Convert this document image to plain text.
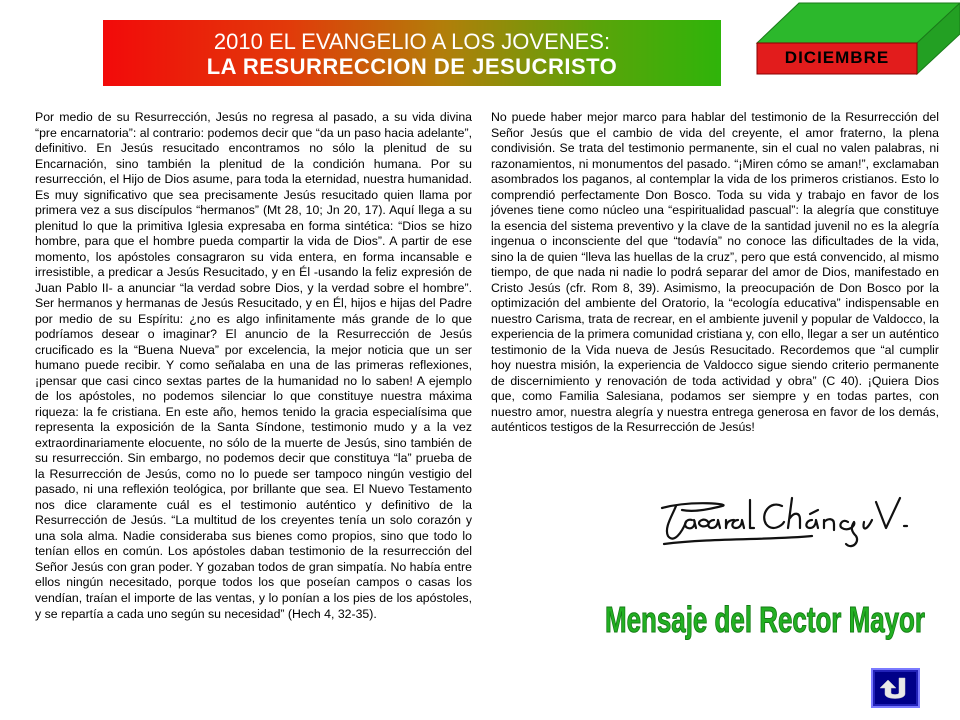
2010 EL EVANGELIO A LOS JOVENES:
LA RESURRECCION DE JESUCRISTO	DICIEMBRE
Por medio de su Resurrección, Jesús no regresa al pasado, a su vida divina “pre encarnatoria”: al contrario: podemos decir que “da un paso hacia adelante”, definitivo. En Jesús resucitado encontramos no sólo la plenitud de su Encarnación, sino también la plenitud de la condición humana. Por su resurrección, el Hijo de Dios asume, para toda la eternidad, nuestra humanidad. Es muy significativo que sea precisamente Jesús resucitado quien llama por primera vez a sus discípulos “hermanos” (Mt 28, 10; Jn 20, 17). Aquí llega a su plenitud lo que la primitiva Iglesia expresaba en forma sintética: “Dios se hizo hombre, para que el hombre pueda compartir la vida de Dios”. A partir de ese momento, los apóstoles consagraron su vida entera, en forma incansable e irresistible, a predicar a Jesús Resucitado, y en Él -usando la feliz expresión de Juan Pablo II- a anunciar “la verdad sobre Dios, y la verdad sobre el hombre”. Ser hermanos y hermanas de Jesús Resucitado, y en Él, hijos e hijas del Padre por medio de su Espíritu: ¿no es algo infinitamente más grande de lo que podríamos desear o imaginar? El anuncio de la Resurrección de Jesús crucificado es la “Buena Nueva” por excelencia, la mejor noticia que un ser humano puede recibir. Y como señalaba en una de las primeras reflexiones, ¡pensar que casi cinco sextas partes de la humanidad no lo saben! A ejemplo de los apóstoles, no podemos silenciar lo que constituye nuestra máxima riqueza: la fe cristiana. En este año, hemos tenido la gracia especialísima que representa la exposición de la Santa Síndone, testimonio mudo y a la vez extraordinariamente elocuente, no sólo de la muerte de Jesús, sino también de su resurrección. Sin embargo, no podemos decir que constituya “la” prueba de la Resurrección de Jesús, como no lo puede ser tampoco ningún vestigio del pasado, ni una reflexión teológica, por brillante que sea. El Nuevo Testamento nos dice claramente cuál es el testimonio auténtico y definitivo de la Resurrección de Jesús. “La multitud de los creyentes tenía un solo corazón y una sola alma. Nadie consideraba sus bienes como propios, sino que todo lo tenían ellos en común. Los apóstoles daban testimonio de la resurrección del Señor Jesús con gran poder. Y gozaban todos de gran simpatía. No había entre ellos ningún necesitado, porque todos los que poseían campos o casas los vendían, traían el importe de las ventas, y lo ponían a los pies de los apóstoles, y se repartía a cada uno según su necesidad” (Hech 4, 32-35).
No puede haber mejor marco para hablar del testimonio de la Resurrección del Señor Jesús que el cambio de vida del creyente, el amor fraterno, la plena condivisión. Se trata del testimonio permanente, sin el cual no valen palabras, ni razonamientos, ni monumentos del pasado. “¡Miren cómo se aman!”, exclamaban asombrados los paganos, al contemplar la vida de los primeros cristianos. Esto lo comprendió perfectamente Don Bosco. Toda su vida y trabajo en favor de los jóvenes tiene como núcleo una “espiritualidad pascual”: la alegría que constituye la esencia del sistema preventivo y la clave de la santidad juvenil no es la alegría ingenua o inconsciente del que “todavía” no conoce las dificultades de la vida, sino la de quien “lleva las huellas de la cruz”, pero que está convencido, al mismo tiempo, de que nada ni nadie lo podrá separar del amor de Dios, manifestado en Cristo Jesús (cfr. Rom 8, 39). Asimismo, la preocupación de Don Bosco por la optimización del ambiente del Oratorio, la “ecología educativa” indispensable en nuestro Carisma, trata de recrear, en el ambiente juvenil y popular de Valdocco, la experiencia de la primera comunidad cristiana y, con ello, llegar a ser un auténtico testimonio de la Vida nueva de Jesús Resucitado. Recordemos que “al cumplir hoy nuestra misión, la experiencia de Valdocco sigue siendo criterio permanente de discernimiento y renovación de toda actividad y obra” (C 40). ¡Quiera Dios que, como Familia Salesiana, podamos ser siempre y en todas partes, con nuestro amor, nuestra alegría y nuestra entrega generosa en favor de los demás, auténticos testigos de la Resurrección de Jesús!
Mensaje del Rector Mayor
